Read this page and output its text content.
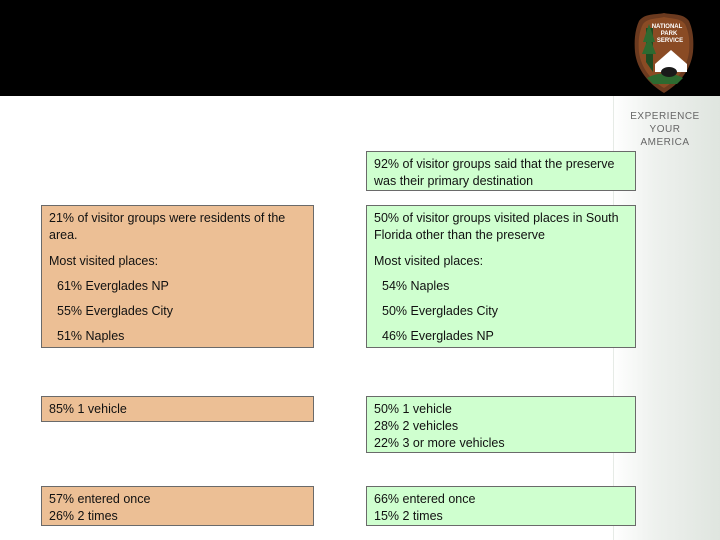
NATIONAL
PARK
SERVICE
EXPERIENCE
YOUR
AMERICA

92% of visitor groups said that the preserve was their primary destination

21% of visitor groups were residents of the area.

Most visited places:

61% Everglades NP

55% Everglades City

51% Naples

50% of visitor groups visited places in South Florida other than the preserve

Most visited places:

54% Naples

50% Everglades City

46% Everglades NP

85% 1 vehicle	50% 1 vehicle

28% 2 vehicles

22% 3 or more vehicles

57% entered once

26% 2 times

66% entered once

15% 2 times
